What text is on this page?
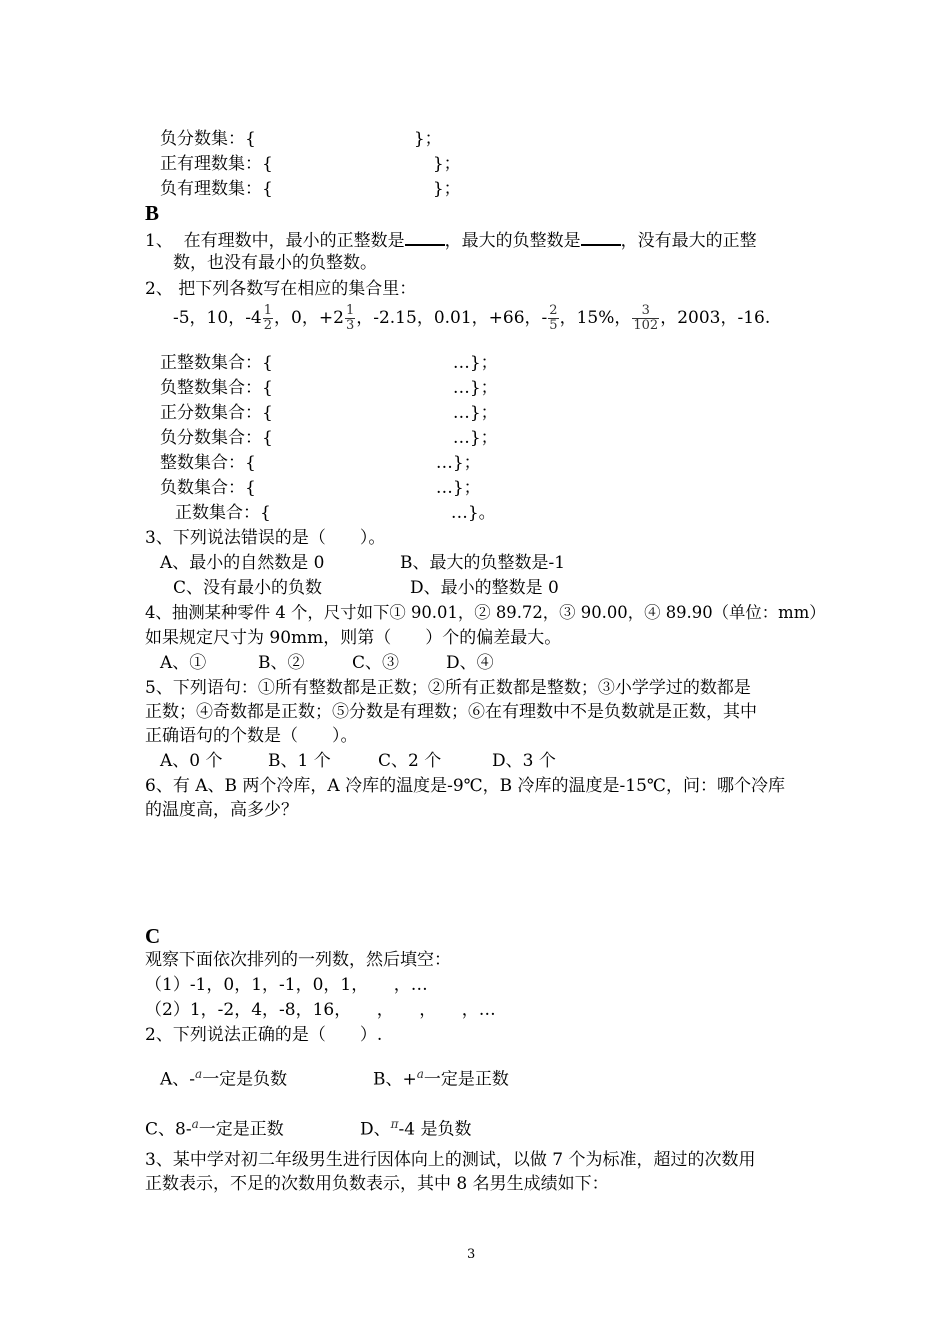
负分数集：{	}；
正有理数集：{	}；
负有理数集：{	}；
B
1、 在有理数中，最小的正整数是 ，最大的负整数是 ，没有最大的正整
数，也没有最小的负整数。
2、 把下列各数写在相应的集合里：
-5，10，$-4 \frac{1}{2}$ ，0，$+2 \frac{1}{3}$ ，-2.15，0.01，+66，- $\frac{2}{5}$ ，15%， $\frac{3}{102}$ ，2003，-16.
正整数集合：{	…}；
负整数集合：{	…}；
正分数集合：{	…}；
负分数集合：{	…}；
整数集合：{	…}；
负数集合：{	…}；
正数集合：{	…}。
3、下列说法错误的是（　　）。
A、最小的自然数是 0	B、最大的负整数是-1
C、没有最小的负数	D、最小的整数是 0
4、抽测某种零件 4 个，尺寸如下① 90.01，② 89.72，③ 90.00，④ 89.90（单位：mm）
如果规定尺寸为 90mm，则第（　　）个的偏差最大。
A、①	B、②	C、③	D、④
5、下列语句：①所有整数都是正数；②所有正数都是整数；③小学学过的数都是
正数；④奇数都是正数；⑤分数是有理数；⑥在有理数中不是负数就是正数，其中
正确语句的个数是（　　）。
A、0 个	B、1 个	C、2 个	D、3 个
6、有 A、B 两个冷库，A 冷库的温度是-9℃，B 冷库的温度是-15℃，问：哪个冷库
的温度高，高多少？
C
观察下面依次排列的一列数，然后填空：
（1）-1，0，1，-1，0，1，　　，…
（2）1，-2，4，-8，16，　　，　　，　　，…
2、下列说法正确的是（　　）.
A、-$^a$一定是负数	B、+$^a$一定是正数
C、8-$^a$一定是正数	D、$^\pi$-4 是负数
3、某中学对初二年级男生进行因体向上的测试，以做 7 个为标准，超过的次数用
正数表示，不足的次数用负数表示，其中 8 名男生成绩如下：
3
